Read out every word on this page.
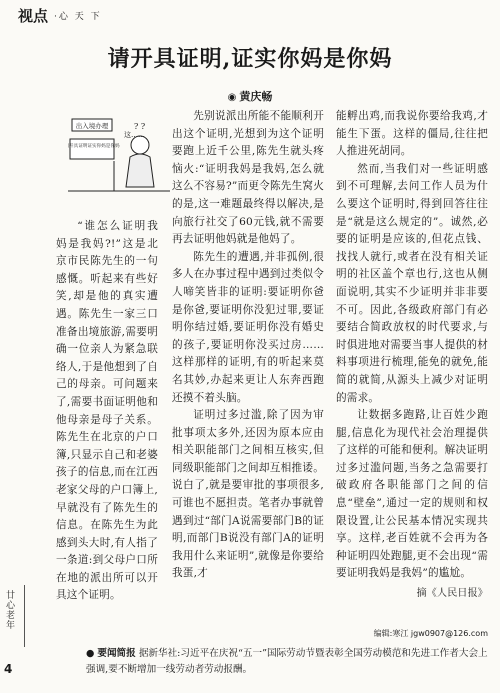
视点 ·心 天 下
请开具证明,证实你妈是你妈
◉ 黄庆畅
出入境办理
请开具证明证实你妈是你妈
? ?
这……

“谁怎么证明我妈是我妈?!”这是北京市民陈先生的一句感慨。听起来有些好笑,却是他的真实遭遇。陈先生一家三口准备出境旅游,需要明确一位亲人为紧急联络人,于是他想到了自己的母亲。可问题来了,需要书面证明他和他母亲是母子关系。陈先生在北京的户口簿,只显示自己和老婆孩子的信息,而在江西老家父母的户口簿上,早就没有了陈先生的信息。在陈先生为此感到头大时,有人指了一条道:到父母户口所在地的派出所可以开具这个证明。

先别说派出所能不能顺利开出这个证明,光想到为这个证明要跑上近千公里,陈先生就头疼恼火:“证明我妈是我妈,怎么就这么不容易?”而更令陈先生窝火的是,这一难题最终得以解决,是向旅行社交了60元钱,就不需要再去证明他妈就是他妈了。

陈先生的遭遇,并非孤例,很多人在办事过程中遇到过类似令人啼笑皆非的证明:要证明你爸是你爸,要证明你没犯过罪,要证明你结过婚,要证明你没有婚史的孩子,要证明你没买过房……这样那样的证明,有的听起来莫名其妙,办起来更让人东奔西跑还摸不着头脑。

证明过多过滥,除了因为审批事项太多外,还因为原本应由相关职能部门之间相互核实,但同级职能部门之间却互相推诿。说白了,就是要审批的事项很多,可谁也不愿担责。笔者办事就曾遇到过“部门A说需要部门B的证明,而部门B说没有部门A的证明我用什么来证明”,就像是你要给我蛋,才

能孵出鸡,而我说你要给我鸡,才能生下蛋。这样的僵局,往往把人推进死胡同。

然而,当我们对一些证明感到不可理解,去问工作人员为什么要这个证明时,得到回答往往是“就是这么规定的”。诚然,必要的证明是应该的,但花点钱、找找人就行,或者在没有相关证明的社区盖个章也行,这也从侧面说明,其实不少证明并非非要不可。因此,各级政府部门有必要结合简政放权的时代要求,与时俱进地对需要当事人提供的材料事项进行梳理,能免的就免,能简的就简,从源头上减少对证明的需求。

让数据多跑路,让百姓少跑腿,信息化为现代社会治理提供了这样的可能和便利。解决证明过多过滥问题,当务之急需要打破政府各职能部门之间的信息“壁垒”,通过一定的规则和权限设置,让公民基本情况实现共享。这样,老百姓就不会再为各种证明四处跑腿,更不会出现“需要证明我妈是我妈”的尴尬。

摘《人民日报》
编辑:寒江 jgw0907@126.com
廿心老年
4
● 要闻简报 据新华社:习近平在庆祝“五一”国际劳动节暨表彰全国劳动模范和先进工作者大会上强调,要不断增加一线劳动者劳动报酬。
